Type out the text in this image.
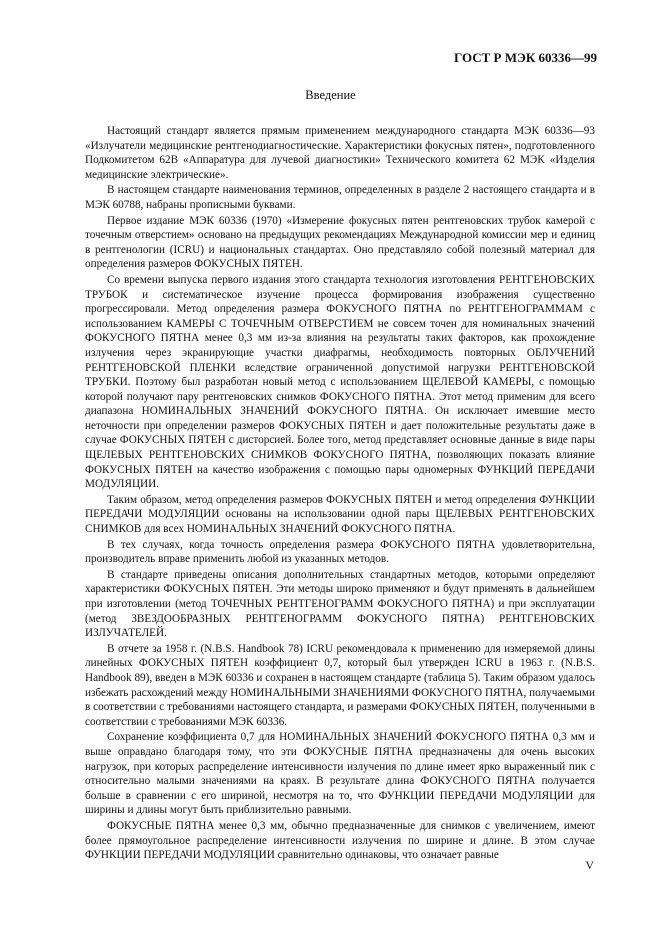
ГОСТ Р МЭК 60336—99
Введение

Настоящий стандарт является прямым применением международного стандарта МЭК 60336—93 «Излучатели медицинские рентгенодиагностические. Характеристики фокусных пятен», подготовленного Подкомитетом 62В «Аппаратура для лучевой диагностики» Технического комитета 62 МЭК «Изделия медицинские электрические».

В настоящем стандарте наименования терминов, определенных в разделе 2 настоящего стандарта и в МЭК 60788, набраны прописными буквами.

Первое издание МЭК 60336 (1970) «Измерение фокусных пятен рентгеновских трубок камерой с точечным отверстием» основано на предыдущих рекомендациях Международной комиссии мер и единиц в рентгенологии (ICRU) и национальных стандартах. Оно представляло собой полезный материал для определения размеров ФОКУСНЫХ ПЯТЕН.

Со времени выпуска первого издания этого стандарта технология изготовления РЕНТГЕНОВСКИХ ТРУБОК и систематическое изучение процесса формирования изображения существенно прогрессировали. Метод определения размера ФОКУСНОГО ПЯТНА по РЕНТГЕНОГРАММАМ с использованием КАМЕРЫ С ТОЧЕЧНЫМ ОТВЕРСТИЕМ не совсем точен для номинальных значений ФОКУСНОГО ПЯТНА менее 0,3 мм из-за влияния на результаты таких факторов, как прохождение излучения через экранирующие участки диафрагмы, необходимость повторных ОБЛУЧЕНИЙ РЕНТГЕНОВСКОЙ ПЛЕНКИ вследствие ограниченной допустимой нагрузки РЕНТГЕНОВСКОЙ ТРУБКИ. Поэтому был разработан новый метод с использованием ЩЕЛЕВОЙ КАМЕРЫ, с помощью которой получают пару рентгеновских снимков ФОКУСНОГО ПЯТНА. Этот метод применим для всего диапазона НОМИНАЛЬНЫХ ЗНАЧЕНИЙ ФОКУСНОГО ПЯТНА. Он исключает имевшие место неточности при определении размеров ФОКУСНЫХ ПЯТЕН и дает положительные результаты даже в случае ФОКУСНЫХ ПЯТЕН с дисторсией. Более того, метод представляет основные данные в виде пары ЩЕЛЕВЫХ РЕНТГЕНОВСКИХ СНИМКОВ ФОКУСНОГО ПЯТНА, позволяющих показать влияние ФОКУСНЫХ ПЯТЕН на качество изображения с помощью пары одномерных ФУНКЦИЙ ПЕРЕДАЧИ МОДУЛЯЦИИ.

Таким образом, метод определения размеров ФОКУСНЫХ ПЯТЕН и метод определения ФУНКЦИИ ПЕРЕДАЧИ МОДУЛЯЦИИ основаны на использовании одной пары ЩЕЛЕВЫХ РЕНТГЕНОВСКИХ СНИМКОВ для всех НОМИНАЛЬНЫХ ЗНАЧЕНИЙ ФОКУСНОГО ПЯТНА.

В тех случаях, когда точность определения размера ФОКУСНОГО ПЯТНА удовлетворительна, производитель вправе применить любой из указанных методов.

В стандарте приведены описания дополнительных стандартных методов, которыми определяют характеристики ФОКУСНЫХ ПЯТЕН. Эти методы широко применяют и будут применять в дальнейшем при изготовлении (метод ТОЧЕЧНЫХ РЕНТГЕНОГРАММ ФОКУСНОГО ПЯТНА) и при эксплуатации (метод ЗВЕЗДООБРАЗНЫХ РЕНТГЕНОГРАММ ФОКУСНОГО ПЯТНА) РЕНТГЕНОВСКИХ ИЗЛУЧАТЕЛЕЙ.

В отчете за 1958 г. (N.B.S. Handbook 78) ICRU рекомендовала к применению для измеряемой длины линейных ФОКУСНЫХ ПЯТЕН коэффициент 0,7, который был утвержден ICRU в 1963 г. (N.B.S. Handbook 89), введен в МЭК 60336 и сохранен в настоящем стандарте (таблица 5). Таким образом удалось избежать расхождений между НОМИНАЛЬНЫМИ ЗНАЧЕНИЯМИ ФОКУСНОГО ПЯТНА, получаемыми в соответствии с требованиями настоящего стандарта, и размерами ФОКУСНЫХ ПЯТЕН, полученными в соответствии с требованиями МЭК 60336.

Сохранение коэффициента 0,7 для НОМИНАЛЬНЫХ ЗНАЧЕНИЙ ФОКУСНОГО ПЯТНА 0,3 мм и выше оправдано благодаря тому, что эти ФОКУСНЫЕ ПЯТНА предназначены для очень высоких нагрузок, при которых распределение интенсивности излучения по длине имеет ярко выраженный пик с относительно малыми значениями на краях. В результате длина ФОКУСНОГО ПЯТНА получается больше в сравнении с его шириной, несмотря на то, что ФУНКЦИИ ПЕРЕДАЧИ МОДУЛЯЦИИ для ширины и длины могут быть приблизительно равными.

ФОКУСНЫЕ ПЯТНА менее 0,3 мм, обычно предназначенные для снимков с увеличением, имеют более прямоугольное распределение интенсивности излучения по ширине и длине. В этом случае ФУНКЦИИ ПЕРЕДАЧИ МОДУЛЯЦИИ сравнительно одинаковы, что означает равные

V
